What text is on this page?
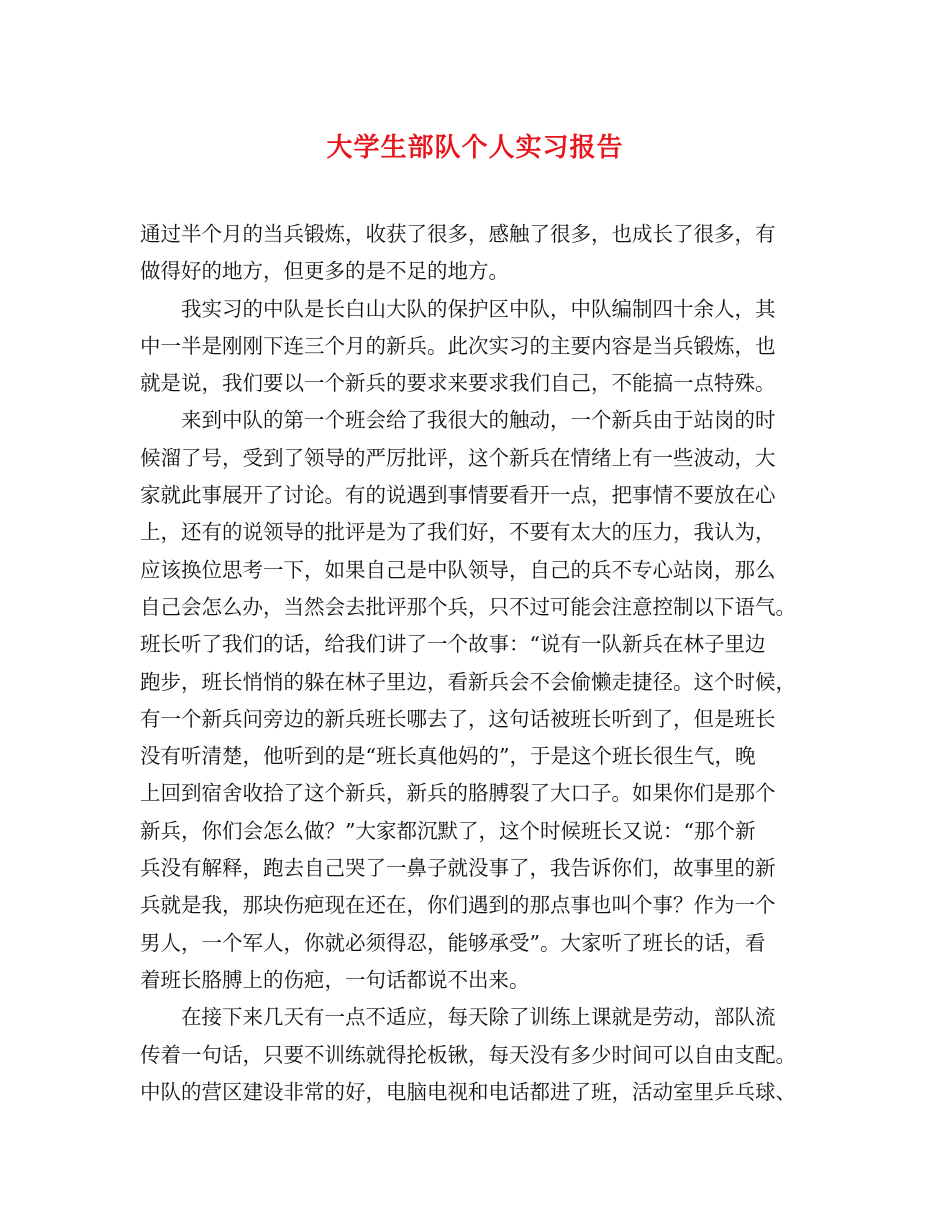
大学生部队个人实习报告
通过半个月的当兵锻炼，收获了很多，感触了很多，也成长了很多，有
做得好的地方，但更多的是不足的地方。
我实习的中队是长白山大队的保护区中队，中队编制四十余人，其
中一半是刚刚下连三个月的新兵。此次实习的主要内容是当兵锻炼，也
就是说，我们要以一个新兵的要求来要求我们自己，不能搞一点特殊。
来到中队的第一个班会给了我很大的触动，一个新兵由于站岗的时
候溜了号，受到了领导的严厉批评，这个新兵在情绪上有一些波动，大
家就此事展开了讨论。有的说遇到事情要看开一点，把事情不要放在心
上，还有的说领导的批评是为了我们好，不要有太大的压力，我认为，
应该换位思考一下，如果自己是中队领导，自己的兵不专心站岗，那么
自己会怎么办，当然会去批评那个兵，只不过可能会注意控制以下语气。
班长听了我们的话，给我们讲了一个故事：“说有一队新兵在林子里边
跑步，班长悄悄的躲在林子里边，看新兵会不会偷懒走捷径。这个时候，
有一个新兵问旁边的新兵班长哪去了，这句话被班长听到了，但是班长
没有听清楚，他听到的是“班长真他妈的”，于是这个班长很生气，晚
上回到宿舍收拾了这个新兵，新兵的胳膊裂了大口子。如果你们是那个
新兵，你们会怎么做？”大家都沉默了，这个时候班长又说：“那个新
兵没有解释，跑去自己哭了一鼻子就没事了，我告诉你们，故事里的新
兵就是我，那块伤疤现在还在，你们遇到的那点事也叫个事？作为一个
男人，一个军人，你就必须得忍，能够承受”。大家听了班长的话，看
着班长胳膊上的伤疤，一句话都说不出来。
在接下来几天有一点不适应，每天除了训练上课就是劳动，部队流
传着一句话，只要不训练就得抡板锹，每天没有多少时间可以自由支配。
中队的营区建设非常的好，电脑电视和电话都进了班，活动室里乒乓球、
